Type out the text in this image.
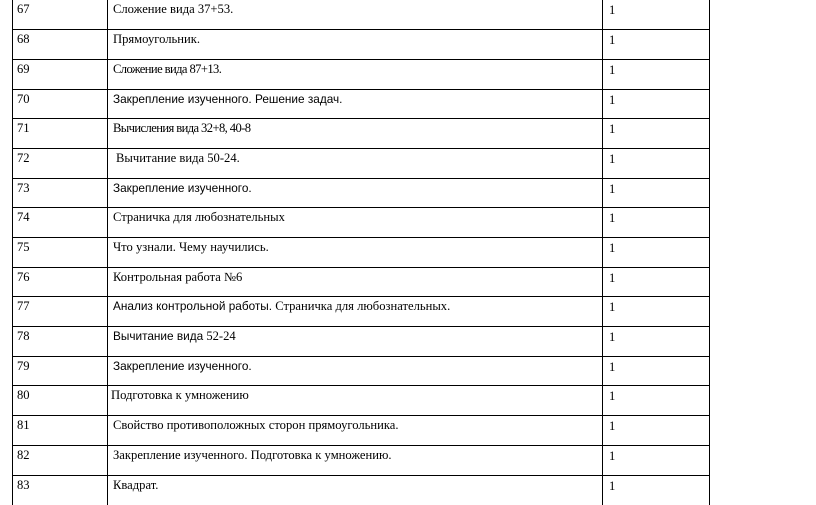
67	Сложение вида 37+53.	1
68	Прямоугольник.	1
69	Сложение вида 87+13.	1
70	Закрепление изученного. Решение задач.	1
71	Вычисления вида 32+8, 40-8	1
72	Вычитание вида 50-24.	1
73	Закрепление изученного.	1
74	Страничка для любознательных	1
75	Что узнали. Чему научились.	1
76	Контрольная работа №6	1
77	Анализ контрольной работы. Страничка для любознательных.	1
78	Вычитание вида 52-24	1
79	Закрепление изученного.	1
80	Подготовка к умножению	1
81	Свойство противоположных сторон прямоугольника.	1
82	Закрепление изученного. Подготовка к умножению.	1
83	Квадрат.	1
